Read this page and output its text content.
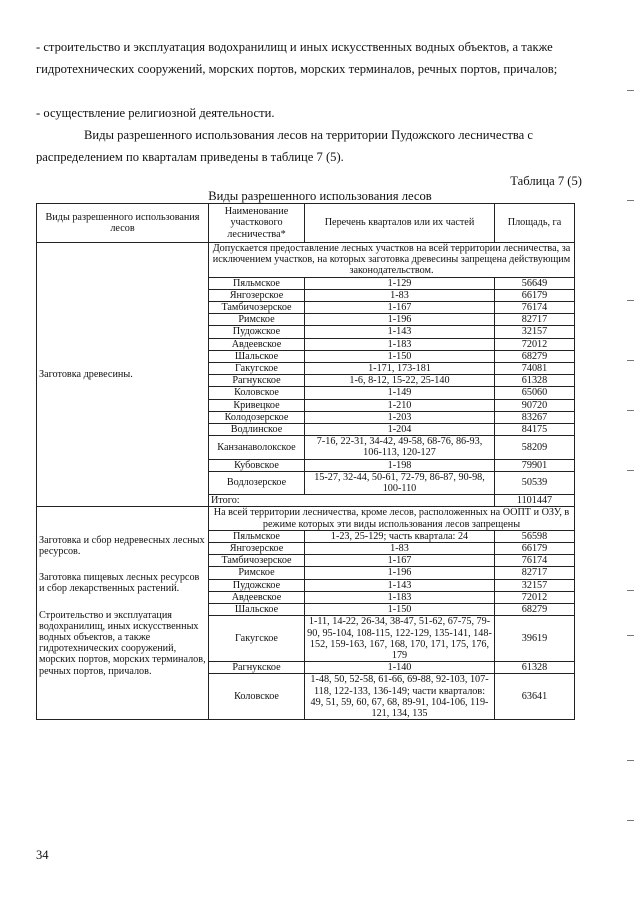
- строительство и эксплуатация водохранилищ и иных искусственных водных объектов, а также гидротехнических сооружений, морских портов, морских терминалов, речных портов, причалов;

- осуществление религиозной деятельности.

Виды разрешенного использования лесов на территории Пудожского лесничества с распределением по кварталам приведены в таблице 7 (5).

Таблица 7 (5)
Виды разрешенного использования лесов
Виды разрешенного использования лесов	Наименование участкового лесничества*	Перечень кварталов или их частей	Площадь, га
Заготовка древесины.	Допускается предоставление лесных участков на всей территории лесничества, за исключением участков, на которых заготовка древесины запрещена действующим законодательством.		
	Пяльмское	1-129	56649
	Янгозерское	1-83	66179
	Тамбичозерское	1-167	76174
	Римское	1-196	82717
	Пудожское	1-143	32157
	Авдеевское	1-183	72012
	Шальское	1-150	68279
	Гакугское	1-171, 173-181	74081
	Рагнукское	1-6, 8-12, 15-22, 25-140	61328
	Коловское	1-149	65060
	Кривецкое	1-210	90720
	Колодозерское	1-203	83267
	Водлинское	1-204	84175
	Канзанаволокское	7-16, 22-31, 34-42, 49-58, 68-76, 86-93, 106-113, 120-127	58209
	Кубовское	1-198	79901
	Водлозерское	15-27, 32-44, 50-61, 72-79, 86-87, 90-98, 100-110	50539
	Итого:		1101447

Заготовка и сбор недревесных лесных ресурсов.
Заготовка пищевых лесных ресурсов и сбор лекарственных растений.
Строительство и эксплуатация водохранилищ, иных искусственных водных объектов, а также гидротехнических сооружений, морских портов, морских терминалов, речных портов, причалов.	На всей территории лесничества, кроме лесов, расположенных на ООПТ и ОЗУ, в режиме которых эти виды использования лесов запрещены		
	Пяльмское	1-23, 25-129; часть квартала: 24	56598
	Янгозерское	1-83	66179
	Тамбичозерское	1-167	76174
	Римское	1-196	82717
	Пудожское	1-143	32157
	Авдеевское	1-183	72012
	Шальское	1-150	68279
	Гакугское	1-11, 14-22, 26-34, 38-47, 51-62, 67-75, 79-90, 95-104, 108-115, 122-129, 135-141, 148-152, 159-163, 167, 168, 170, 171, 175, 176, 179	39619
	Рагнукское	1-140	61328
	Коловское	1-48, 50, 52-58, 61-66, 69-88, 92-103, 107-118, 122-133, 136-149; части кварталов: 49, 51, 59, 60, 67, 68, 89-91, 104-106, 119-121, 134, 135	63641
34
